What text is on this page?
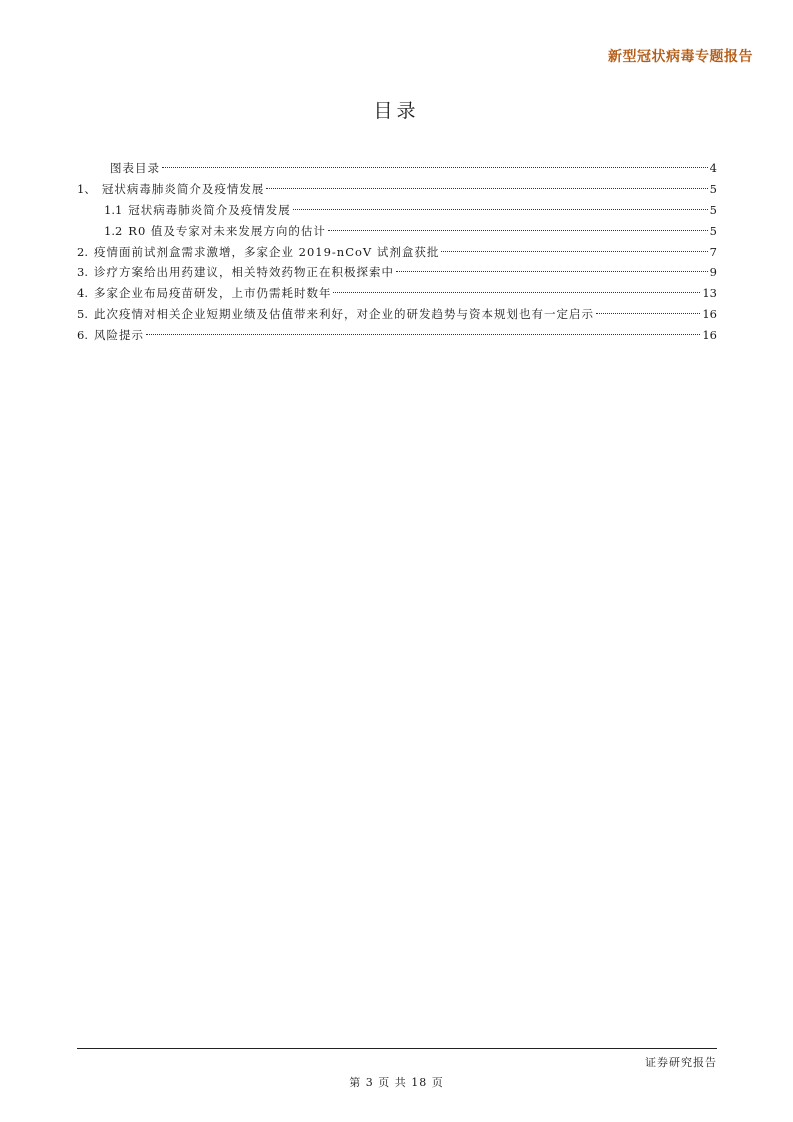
新型冠状病毒专题报告
目录
图表目录	4
1、 冠状病毒肺炎简介及疫情发展	5
1.1 冠状病毒肺炎简介及疫情发展	5
1.2 R0 值及专家对未来发展方向的估计	5
2. 疫情面前试剂盒需求激增，多家企业 2019-nCoV 试剂盒获批	7
3. 诊疗方案给出用药建议，相关特效药物正在积极探索中	9
4. 多家企业布局疫苗研发，上市仍需耗时数年	13
5. 此次疫情对相关企业短期业绩及估值带来利好，对企业的研发趋势与资本规划也有一定启示	16
6. 风险提示	16
证券研究报告
第 3 页 共 18 页
